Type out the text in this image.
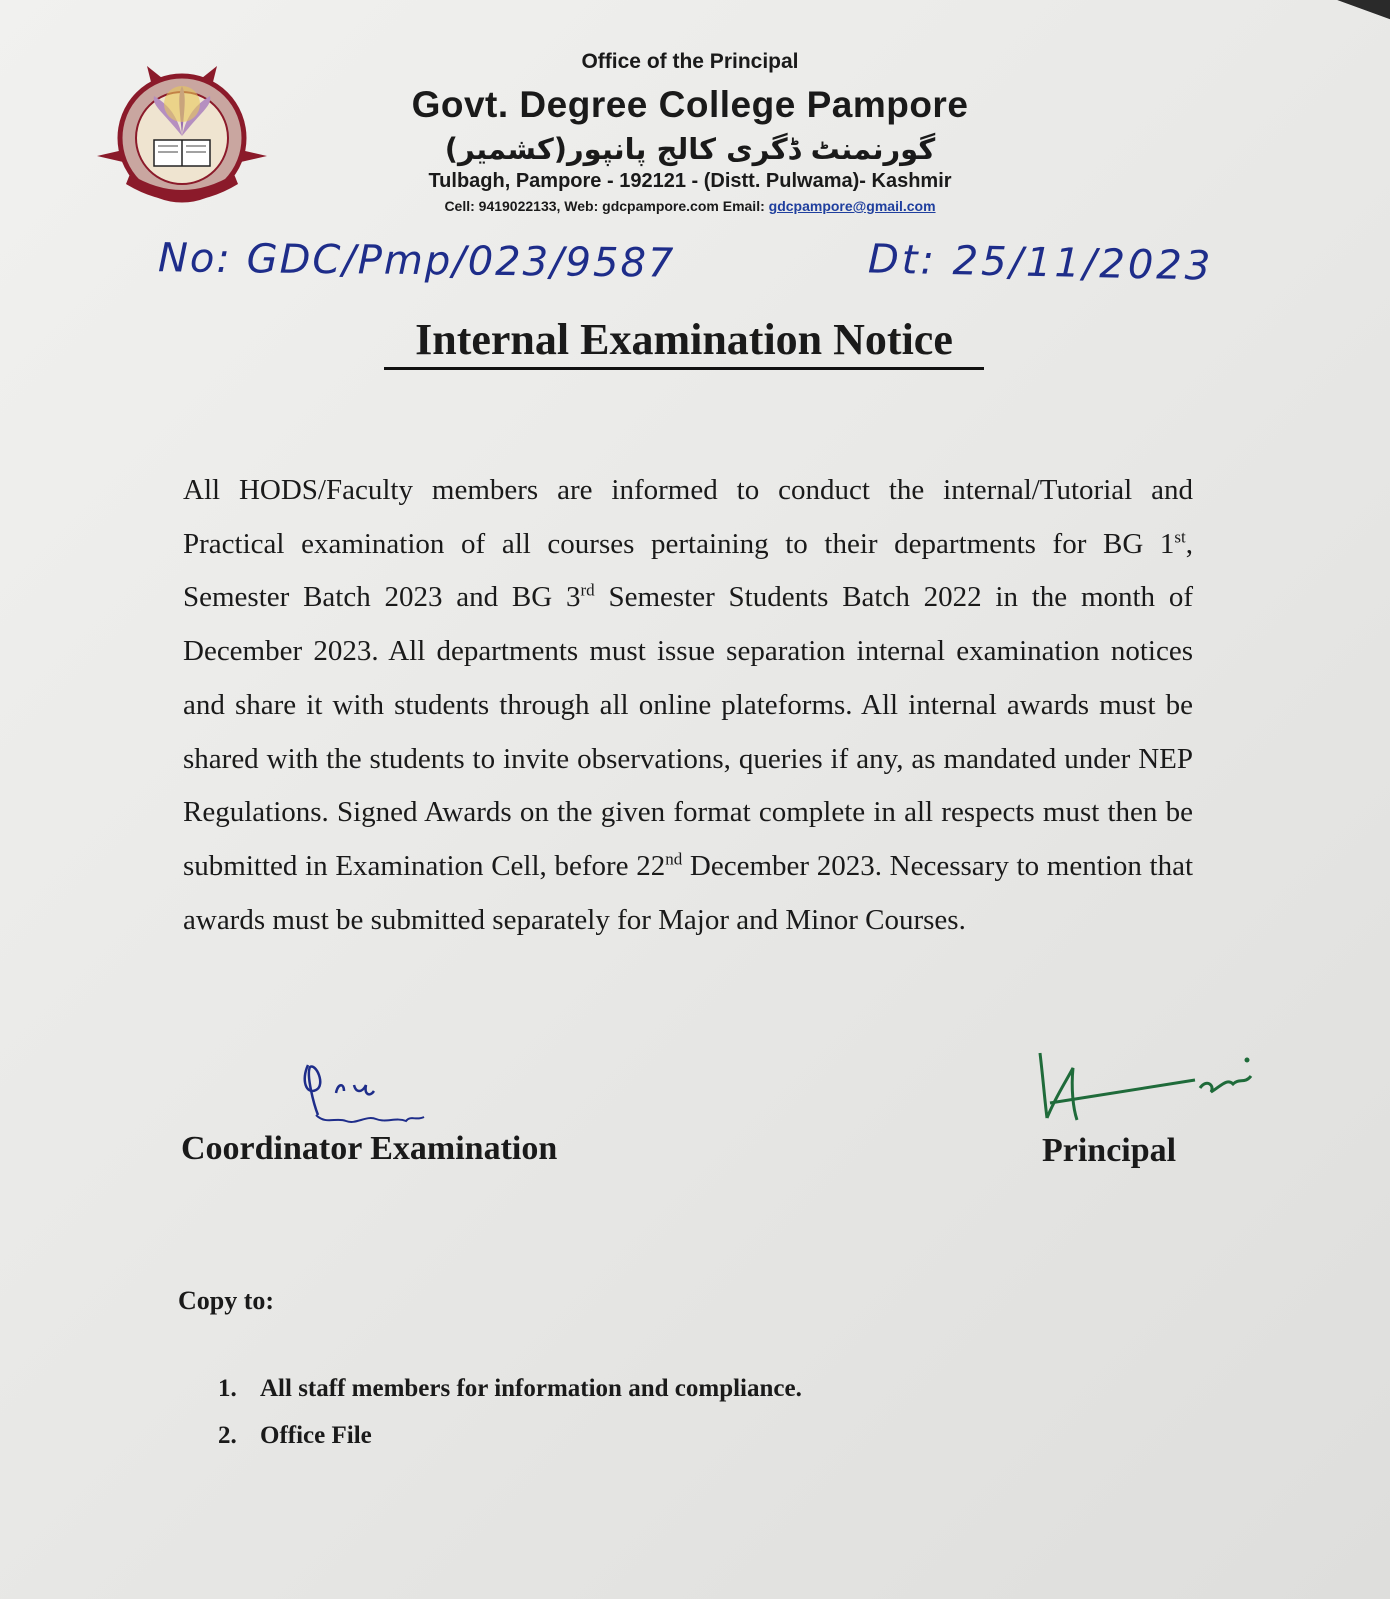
Office of the Principal
Govt. Degree College Pampore
گورنمنٹ ڈگری کالج پانپور(کشمیر)
Tulbagh, Pampore - 192121 - (Distt. Pulwama)- Kashmir
Cell: 9419022133, Web: gdcpampore.com Email: gdcpampore@gmail.com
No: GDC/Pmp/023/9587	Dt: 25/11/2023
Internal Examination Notice

All HODS/Faculty members are informed to conduct the internal/Tutorial and Practical examination of all courses pertaining to their departments for BG 1st, Semester Batch 2023 and BG 3rd Semester Students Batch 2022 in the month of December 2023. All departments must issue separation internal examination notices and share it with students through all online plateforms. All internal awards must be shared with the students to invite observations, queries if any, as mandated under NEP Regulations. Signed Awards on the given format complete in all respects must then be submitted in Examination Cell, before 22nd December 2023. Necessary to mention that awards must be submitted separately for Major and Minor Courses.

Coordinator Examination	Principal
Copy to:
1. All staff members for information and compliance.
2. Office File
